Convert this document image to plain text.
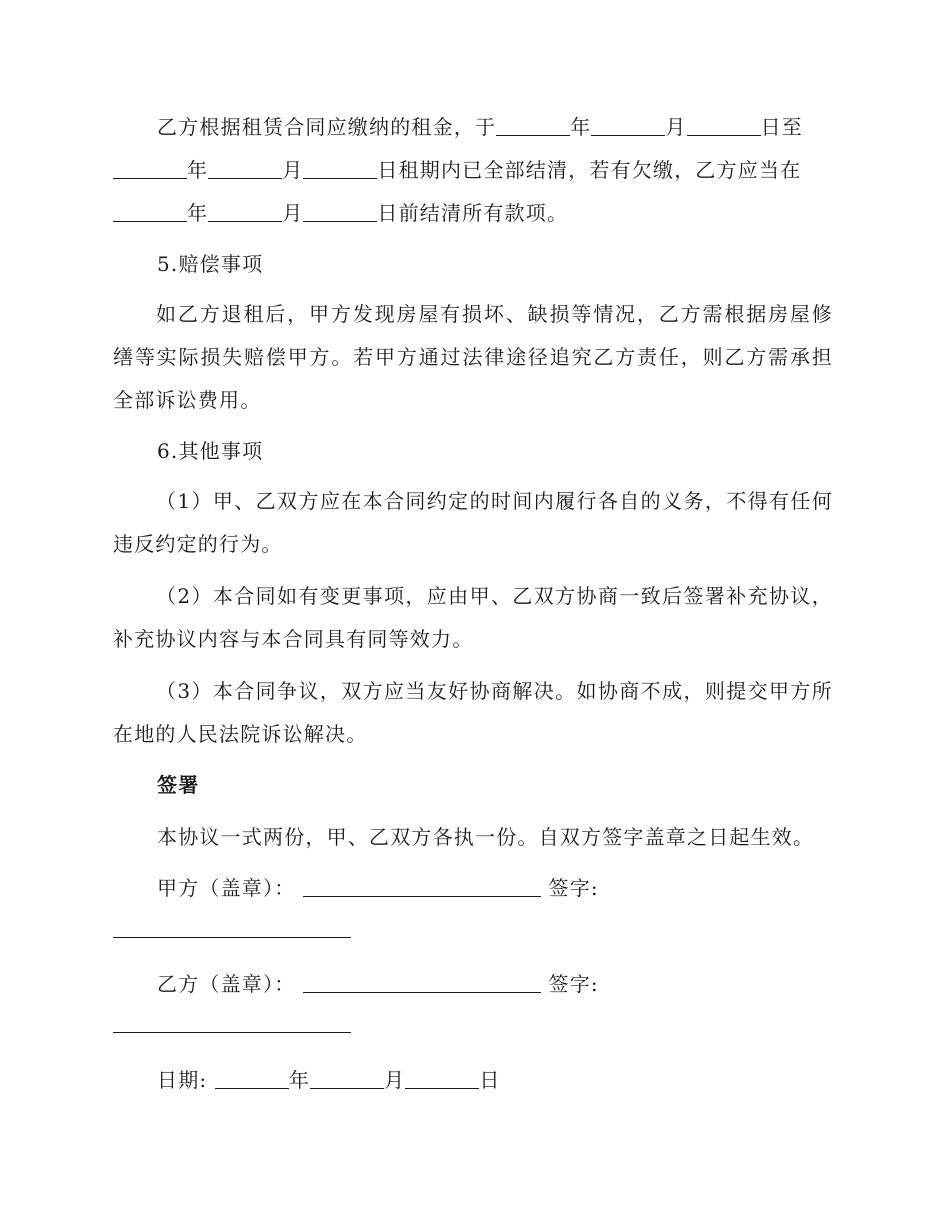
乙方根据租赁合同应缴纳的租金，于	年	月	日至
年	月	日租期内已全部结清，若有欠缴，乙方应当在
年	月	日前结清所有款项。
5.赔偿事项
如乙方退租后，甲方发现房屋有损坏、缺损等情况，乙方需根据房屋修缮等实际损失赔偿甲方。若甲方通过法律途径追究乙方责任，则乙方需承担全部诉讼费用。
6.其他事项
（1）甲、乙双方应在本合同约定的时间内履行各自的义务，不得有任何违反约定的行为。
（2）本合同如有变更事项，应由甲、乙双方协商一致后签署补充协议，补充协议内容与本合同具有同等效力。
（3）本合同争议，双方应当友好协商解决。如协商不成，则提交甲方所在地的人民法院诉讼解决。
签署
本协议一式两份，甲、乙双方各执一份。自双方签字盖章之日起生效。
甲方（盖章）：	签字:
乙方（盖章）：	签字:
日期:	年	月	日
